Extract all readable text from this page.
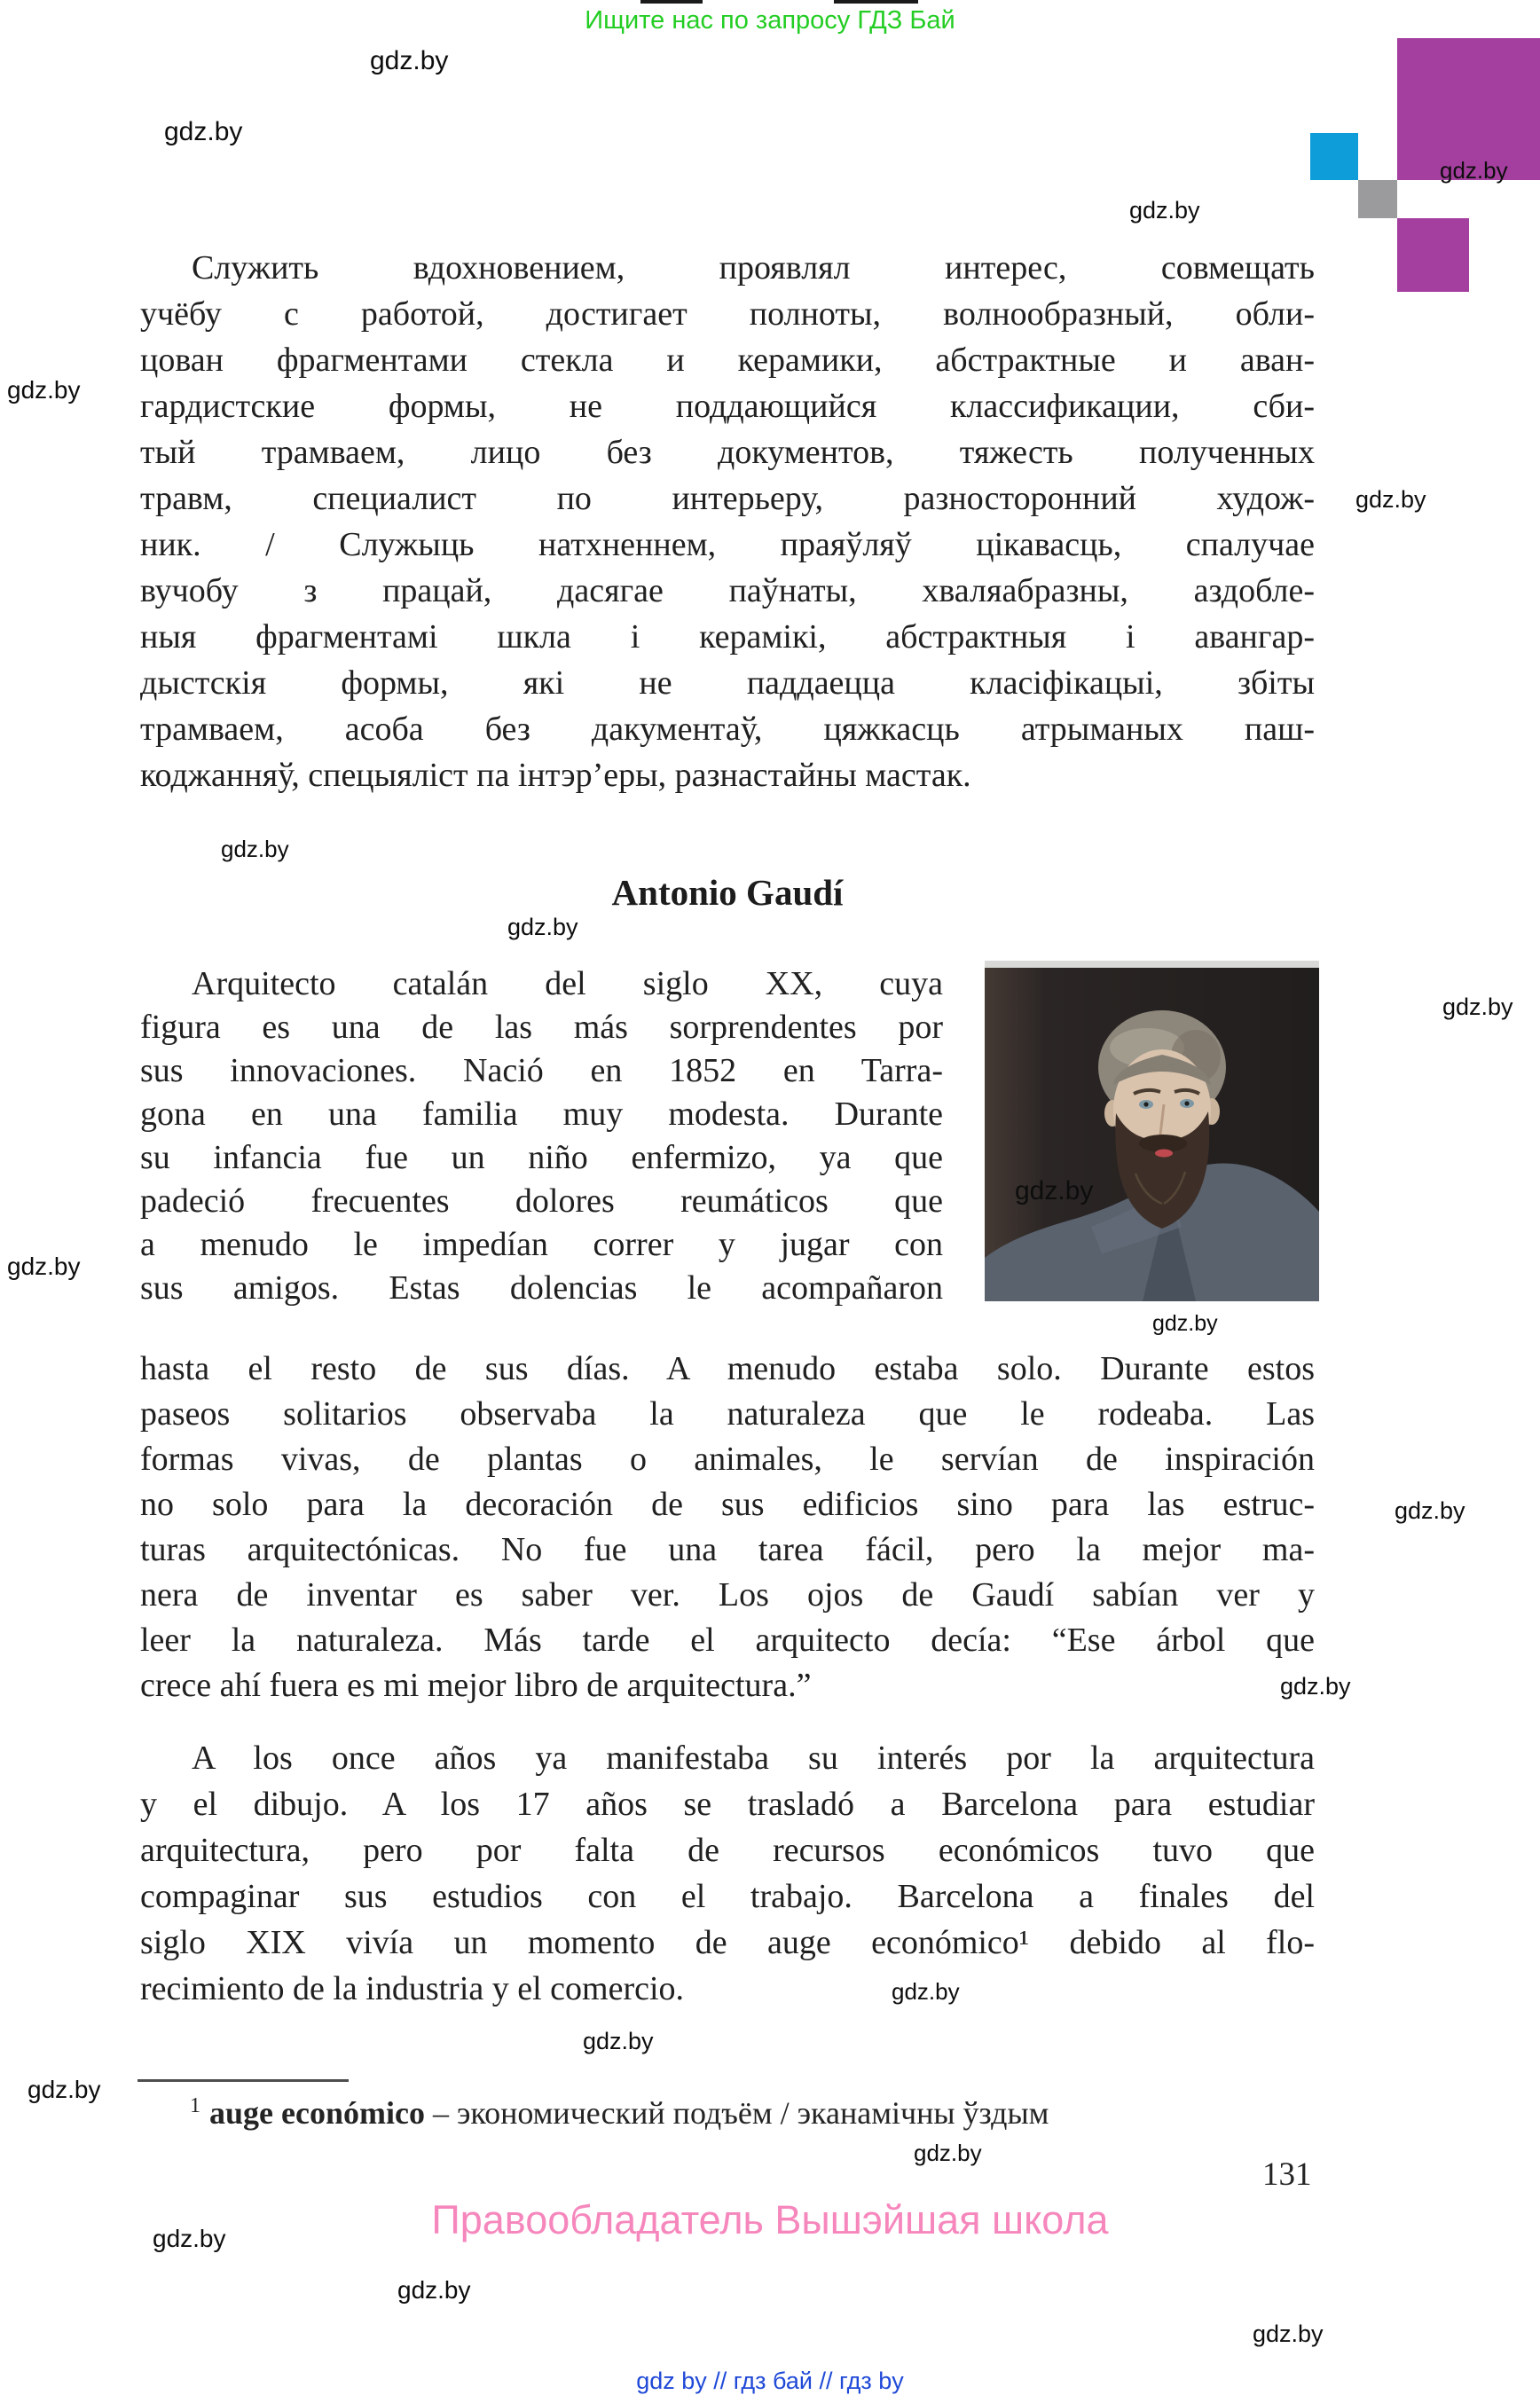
Ищите нас по запросу ГДЗ Бай
Служить вдохновением, проявлял интерес, совмещать
учёбу с работой, достигает полноты, волнообразный, обли-
цован фрагментами стекла и керамики, абстрактные и аван-
гардистские формы, не поддающийся классификации, сби-
тый трамваем, лицо без документов, тяжесть полученных
травм, специалист по интерьеру, разносторонний худож-
ник. / Служыць натхненнем, праяўляў цікавасць, спалучае
вучобу з працай, дасягае паўнаты, хваляабразны, аздобле-
ныя фрагментамі шкла і керамікі, абстрактныя і авангар-
дыстскія формы, які не паддаецца класіфікацыі, збіты
трамваем, асоба без дакументаў, цяжкасць атрыманых паш-
коджанняў, спецыяліст па інтэр’еры, разнастайны мастак.
Antonio Gaudí
Arquitecto catalán del siglo XX, cuya
figura es una de las más sorprendentes por
sus innovaciones. Nació en 1852 en Tarra-
gona en una familia muy modesta. Durante
su infancia fue un niño enfermizo, ya que
padeció frecuentes dolores reumáticos que
a menudo le impedían correr y jugar con
sus amigos. Estas dolencias le acompañaron
hasta el resto de sus días. A menudo estaba solo. Durante estos
paseos solitarios observaba la naturaleza que le rodeaba. Las
formas vivas, de plantas o animales, le servían de inspiración
no solo para la decoración de sus edificios sino para las estruc-
turas arquitectónicas. No fue una tarea fácil, pero la mejor ma-
nera de inventar es saber ver. Los ojos de Gaudí sabían ver y
leer la naturaleza. Más tarde el arquitecto decía: “Ese árbol que
crece ahí fuera es mi mejor libro de arquitectura.”
A los once años ya manifestaba su interés por la arquitectura
y el dibujo. A los 17 años se trasladó a Barcelona para estudiar
arquitectura, pero por falta de recursos económicos tuvo que
compaginar sus estudios con el trabajo. Barcelona a finales del
siglo XIX vivía un momento de auge económico¹ debido al flo-
recimiento de la industria y el comercio.
$^1$ auge económico – экономический подъём / эканамічны ўздым
131
Правообладатель Вышэйшая школа
gdz by // гдз бай // гдз by
gdz.by
gdz.by
gdz.by
gdz.by
gdz.by
gdz.by
gdz.by
gdz.by
gdz.by
gdz.by
gdz.by
gdz.by
gdz.by
gdz.by
gdz.by
gdz.by
gdz.by
gdz.by
gdz.by
gdz.by
gdz.by
